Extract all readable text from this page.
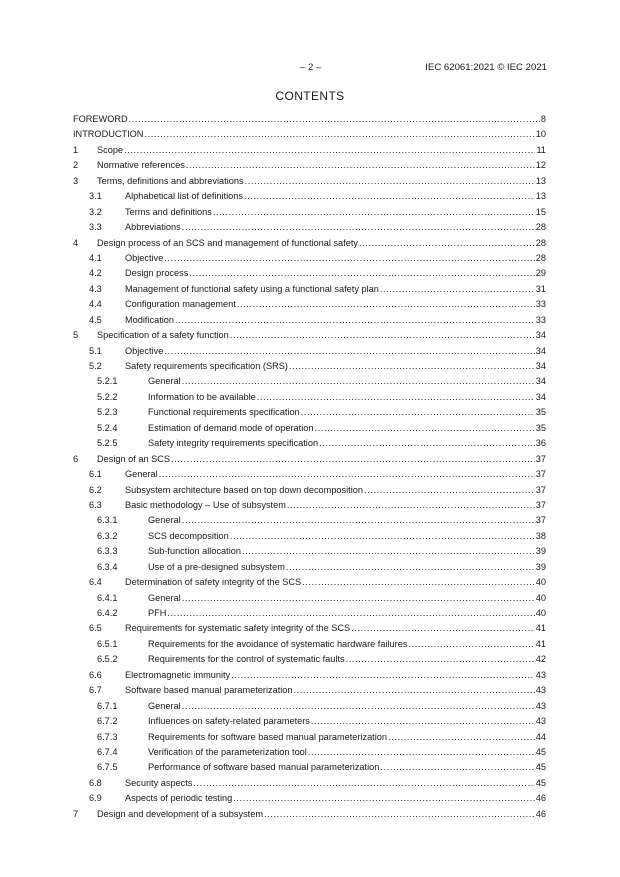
– 2 –	IEC 62061:2021 © IEC 2021
CONTENTS
FOREWORD .....	8
INTRODUCTION .....	10
1 Scope .....	11
2 Normative references .....	12
3 Terms, definitions and abbreviations .....	13
3.1	Alphabetical list of definitions .....	13
3.2	Terms and definitions .....	15
3.3	Abbreviations .....	28
4 Design process of an SCS and management of functional safety .....	28
4.1	Objective .....	28
4.2	Design process .....	29
4.3	Management of functional safety using a functional safety plan .....	31
4.4	Configuration management .....	33
4.5	Modification .....	33
5 Specification of a safety function .....	34
5.1	Objective .....	34
5.2	Safety requirements specification (SRS) .....	34
5.2.1	General .....	34
5.2.2	Information to be available .....	34
5.2.3	Functional requirements specification .....	35
5.2.4	Estimation of demand mode of operation .....	35
5.2.5	Safety integrity requirements specification .....	36
6 Design of an SCS .....	37
6.1	General .....	37
6.2	Subsystem architecture based on top down decomposition .....	37
6.3	Basic methodology – Use of subsystem .....	37
6.3.1	General .....	37
6.3.2	SCS decomposition .....	38
6.3.3	Sub-function allocation .....	39
6.3.4	Use of a pre-designed subsystem .....	39
6.4	Determination of safety integrity of the SCS .....	40
6.4.1	General .....	40
6.4.2	PFH .....	40
6.5	Requirements for systematic safety integrity of the SCS .....	41
6.5.1	Requirements for the avoidance of systematic hardware failures .....	41
6.5.2	Requirements for the control of systematic faults .....	42
6.6	Electromagnetic immunity .....	43
6.7	Software based manual parameterization .....	43
6.7.1	General .....	43
6.7.2	Influences on safety-related parameters .....	43
6.7.3	Requirements for software based manual parameterization .....	44
6.7.4	Verification of the parameterization tool .....	45
6.7.5	Performance of software based manual parameterization .....	45
6.8	Security aspects .....	45
6.9	Aspects of periodic testing .....	46
7 Design and development of a subsystem .....	46
